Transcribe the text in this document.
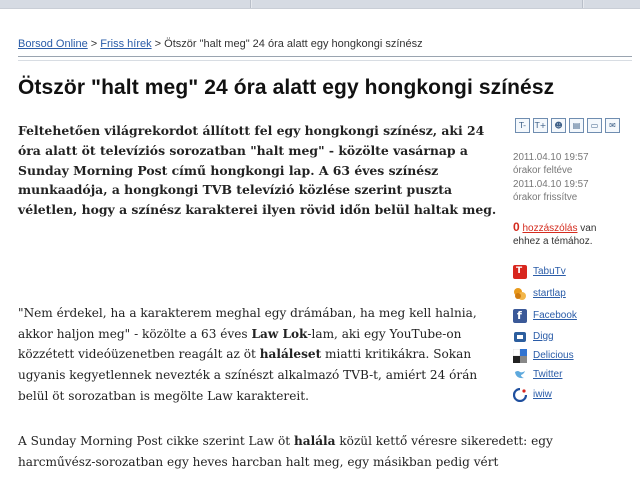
Borsod Online > Friss hírek > Ötször "halt meg" 24 óra alatt egy hongkongi színész
Ötször "halt meg" 24 óra alatt egy hongkongi színész
Feltehetően világrekordot állított fel egy hongkongi színész, aki 24 óra alatt öt televíziós sorozatban "halt meg" - közölte vasárnap a Sunday Morning Post című hongkongi lap. A 63 éves színész munkaadója, a hongkongi TVB televízió közlése szerint puszta véletlen, hogy a színész karakterei ilyen rövid időn belül haltak meg.
"Nem érdekel, ha a karakterem meghal egy drámában, ha meg kell halnia, akkor haljon meg" - közölte a 63 éves Law Lok-lam, aki egy YouTube-on közzétett videóüzenetben reagált az öt haláleset miatti kritikákra. Sokan ugyanis kegyetlennek nevezték a színészt alkalmazó TVB-t, amiért 24 órán belül öt sorozatban is megölte Law karaktereit.
A Sunday Morning Post cikke szerint Law öt halála közül kettő véresre sikeredett: egy harcművész-sorozatban egy heves harcban halt meg, egy másikban pedig vért
T-	T+	☻	▤	▭	✉
2011.04.10 19:57
órakor feltéve
2011.04.10 19:57
órakor frissítve
0 hozzászólás van ehhez a témához.
T TabuTv
startlap
f Facebook
Digg
Delicious
Twitter
iwiw
